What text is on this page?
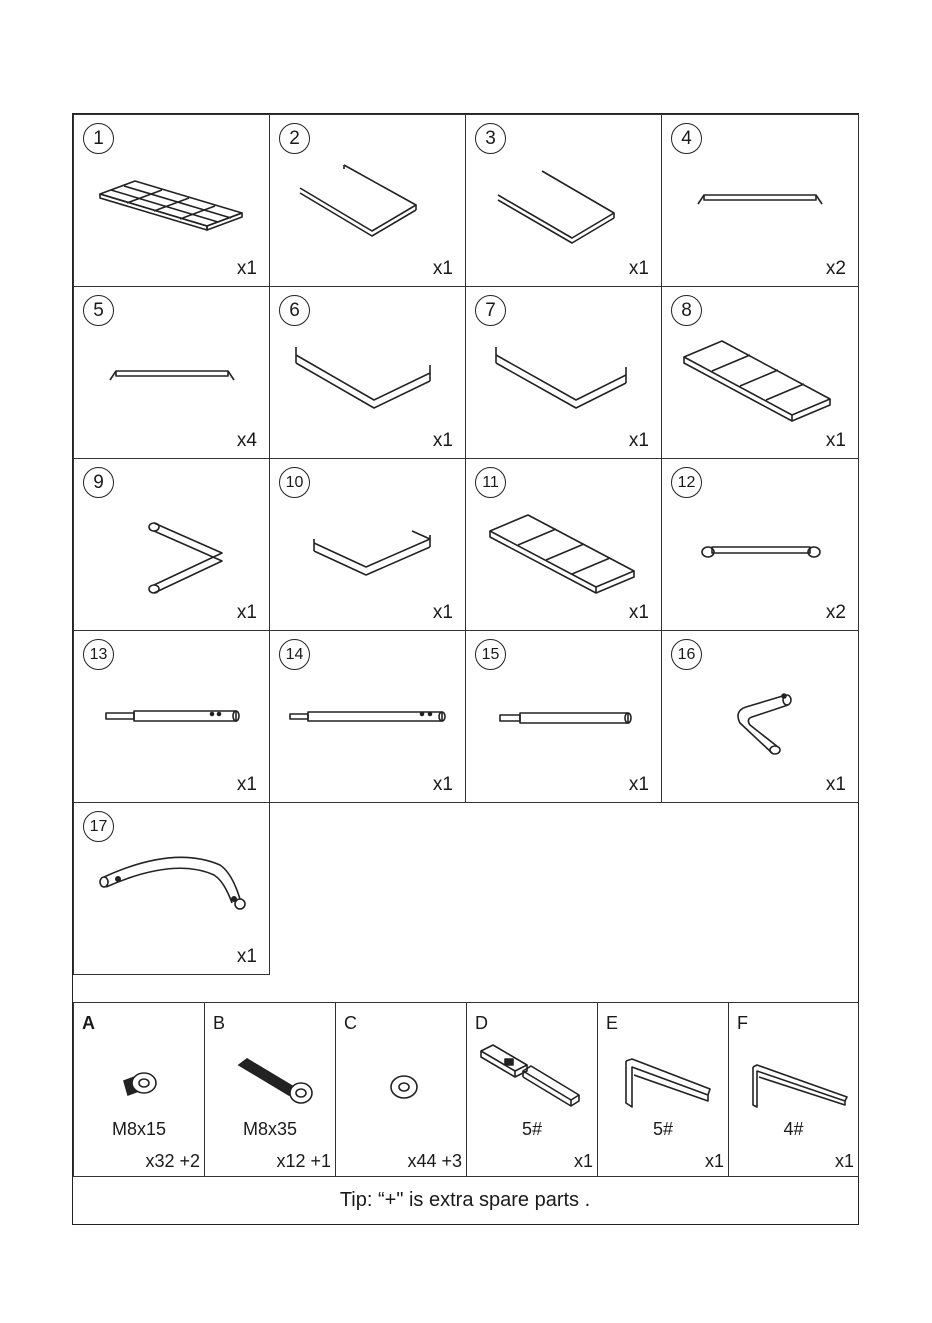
1
x1
2
x1
3
x1
4
x2
5
x4
6
x1
7
x1
8
x1
9
x1
10
x1
11
x1
12
x2
13
x1
14
x1
15
x1
16
x1
17
x1
A
M8x15
x32 +2
B
M8x35
x12 +1
C
x44 +3
D
5#
x1
E
5#
x1
F
4#
x1
Tip: “+" is extra spare parts .
